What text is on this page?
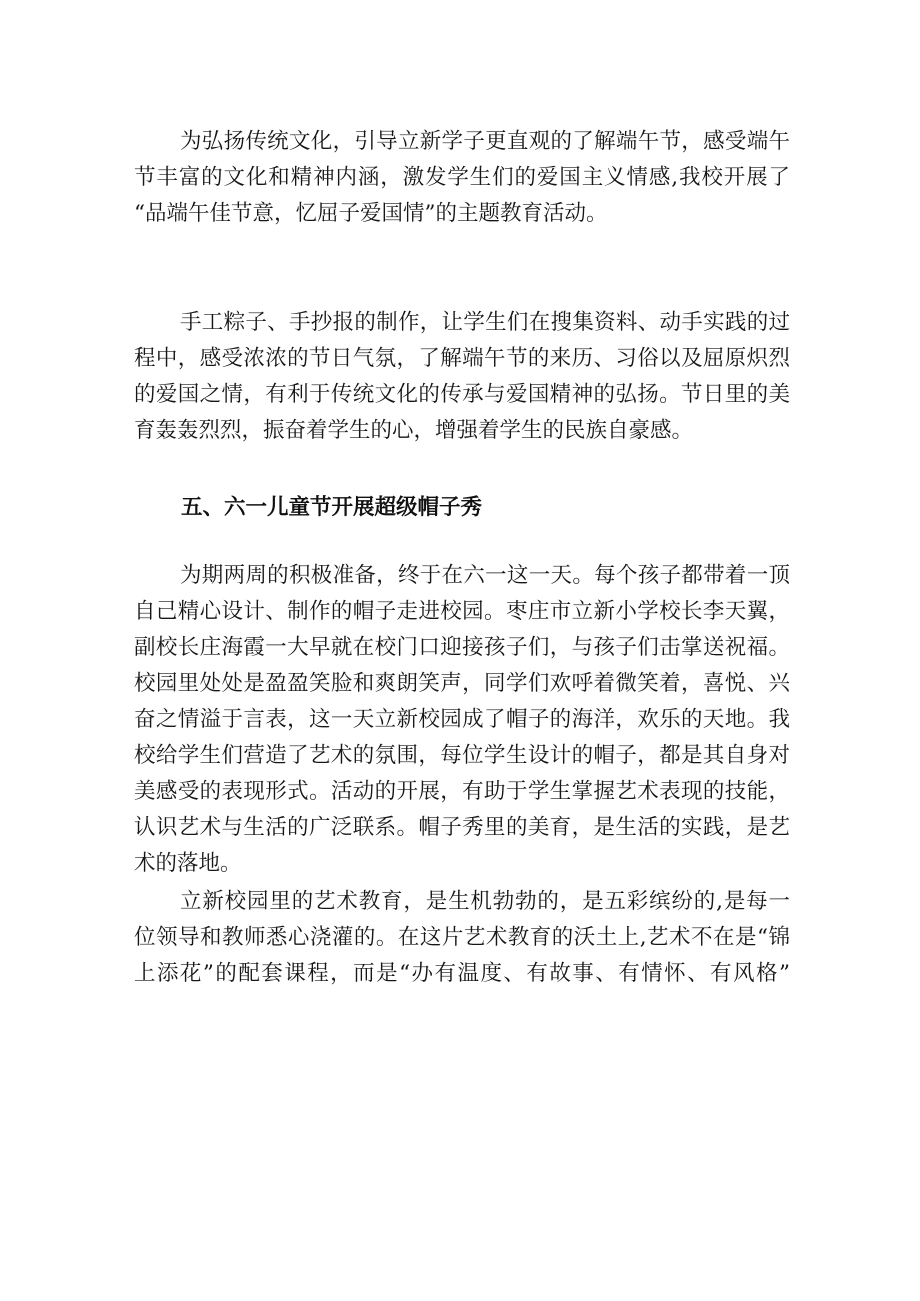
为弘扬传统文化，引导立新学子更直观的了解端午节，感受端午
节丰富的文化和精神内涵，激发学生们的爱国主义情感,我校开展了
“品端午佳节意，忆屈子爱国情”的主题教育活动。
手工粽子、手抄报的制作，让学生们在搜集资料、动手实践的过
程中，感受浓浓的节日气氛，了解端午节的来历、习俗以及屈原炽烈
的爱国之情，有利于传统文化的传承与爱国精神的弘扬。节日里的美
育轰轰烈烈，振奋着学生的心，增强着学生的民族自豪感。
五、六一儿童节开展超级帽子秀
为期两周的积极准备，终于在六一这一天。每个孩子都带着一顶
自己精心设计、制作的帽子走进校园。枣庄市立新小学校长李天翼，
副校长庄海霞一大早就在校门口迎接孩子们，与孩子们击掌送祝福。
校园里处处是盈盈笑脸和爽朗笑声，同学们欢呼着微笑着，喜悦、兴
奋之情溢于言表，这一天立新校园成了帽子的海洋，欢乐的天地。我
校给学生们营造了艺术的氛围，每位学生设计的帽子，都是其自身对
美感受的表现形式。活动的开展，有助于学生掌握艺术表现的技能，
认识艺术与生活的广泛联系。帽子秀里的美育，是生活的实践，是艺
术的落地。
立新校园里的艺术教育，是生机勃勃的，是五彩缤纷的,是每一
位领导和教师悉心浇灌的。在这片艺术教育的沃土上,艺术不在是“锦
上添花”的配套课程，而是“办有温度、有故事、有情怀、有风格”
